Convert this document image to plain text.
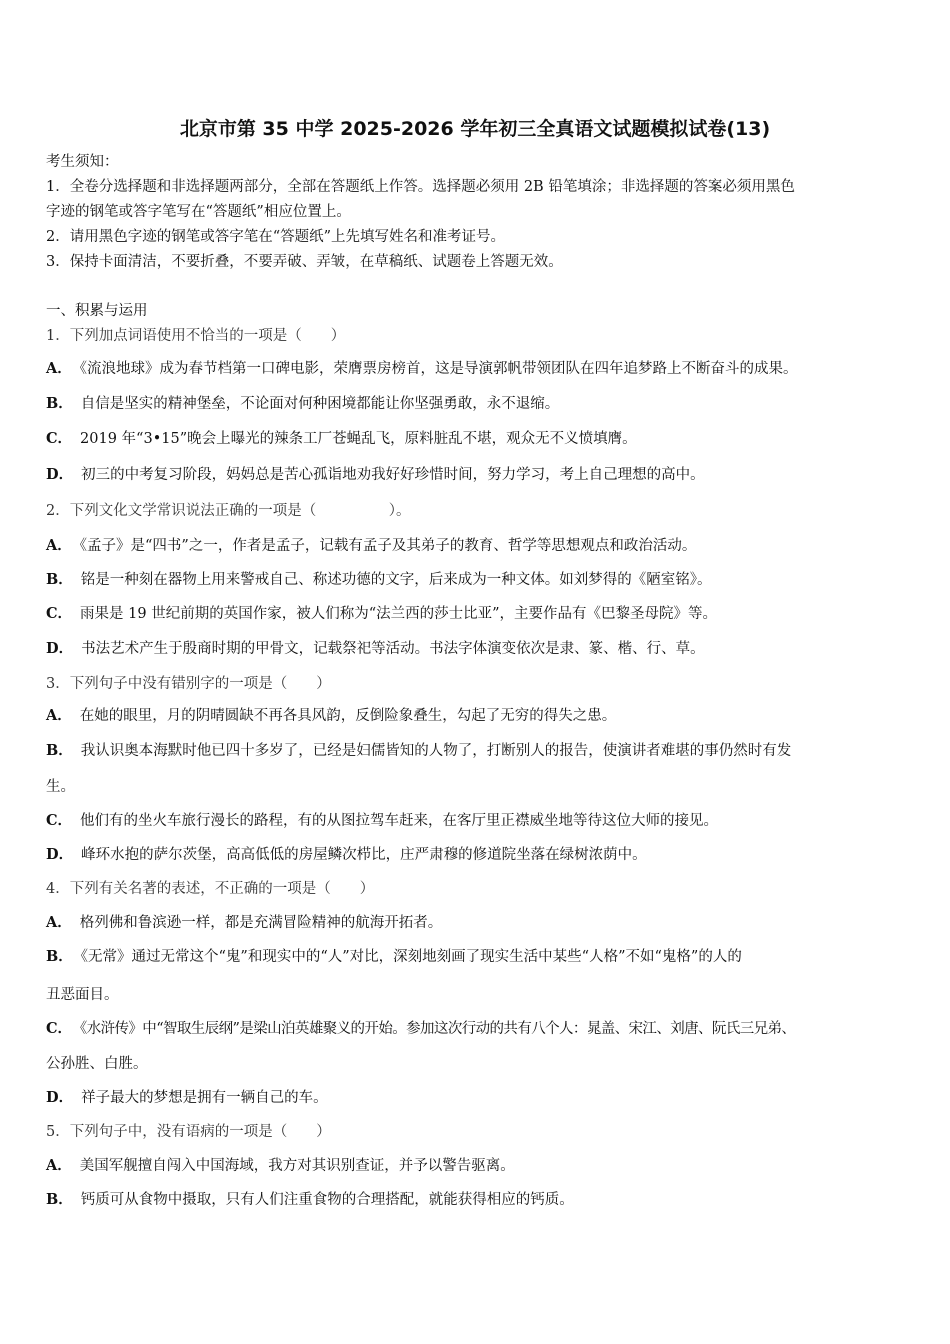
北京市第 35 中学 2025-2026 学年初三全真语文试题模拟试卷(13)
考生须知：
1．全卷分选择题和非选择题两部分，全部在答题纸上作答。选择题必须用 2B 铅笔填涂；非选择题的答案必须用黑色
字迹的钢笔或答字笔写在“答题纸”相应位置上。
2．请用黑色字迹的钢笔或答字笔在“答题纸”上先填写姓名和准考证号。
3．保持卡面清洁，不要折叠，不要弄破、弄皱，在草稿纸、试题卷上答题无效。
一、积累与运用
1．下列加点词语使用不恰当的一项是（　　）
A． 《流浪地球》成为春节档第一口碑电影，荣膺票房榜首，这是导演郭帆带领团队在四年追梦路上不断奋斗的成果。
B． 自信是坚实的精神堡垒，不论面对何种困境都能让你坚强勇敢，永不退缩。
C． 2019 年“3•15”晚会上曝光的辣条工厂苍蝇乱飞，原料脏乱不堪，观众无不义愤填膺。
D． 初三的中考复习阶段，妈妈总是苦心孤诣地劝我好好珍惜时间，努力学习，考上自己理想的高中。
2．下列文化文学常识说法正确的一项是（　　　　　）。
A． 《孟子》是“四书”之一，作者是孟子，记载有孟子及其弟子的教育、哲学等思想观点和政治活动。
B． 铭是一种刻在器物上用来警戒自己、称述功德的文字，后来成为一种文体。如刘梦得的《陋室铭》。
C． 雨果是 19 世纪前期的英国作家，被人们称为“法兰西的莎士比亚”，主要作品有《巴黎圣母院》等。
D． 书法艺术产生于殷商时期的甲骨文，记载祭祀等活动。书法字体演变依次是隶、篆、楷、行、草。
3．下列句子中没有错别字的一项是（　　）
A． 在她的眼里，月的阴晴圆缺不再各具风韵，反倒险象叠生，勾起了无穷的得失之患。
B． 我认识奥本海默时他已四十多岁了，已经是妇儒皆知的人物了，打断别人的报告，使演讲者难堪的事仍然时有发
生。
C． 他们有的坐火车旅行漫长的路程，有的从图拉驾车赶来，在客厅里正襟威坐地等待这位大师的接见。
D． 峰环水抱的萨尔茨堡，高高低低的房屋鳞次栉比，庄严肃穆的修道院坐落在绿树浓荫中。
4．下列有关名著的表述，不正确的一项是（　　）
A． 格列佛和鲁滨逊一样，都是充满冒险精神的航海开拓者。
B． 《无常》通过无常这个“鬼”和现实中的“人”对比，深刻地刻画了现实生活中某些“人格”不如“鬼格”的人的
丑恶面目。
C． 《水浒传》中“智取生辰纲”是梁山泊英雄聚义的开始。参加这次行动的共有八个人：晁盖、宋江、刘唐、阮氏三兄弟、
公孙胜、白胜。
D． 祥子最大的梦想是拥有一辆自己的车。
5．下列句子中，没有语病的一项是（　　）
A． 美国军舰擅自闯入中国海域，我方对其识别查证，并予以警告驱离。
B． 钙质可从食物中摄取，只有人们注重食物的合理搭配，就能获得相应的钙质。
